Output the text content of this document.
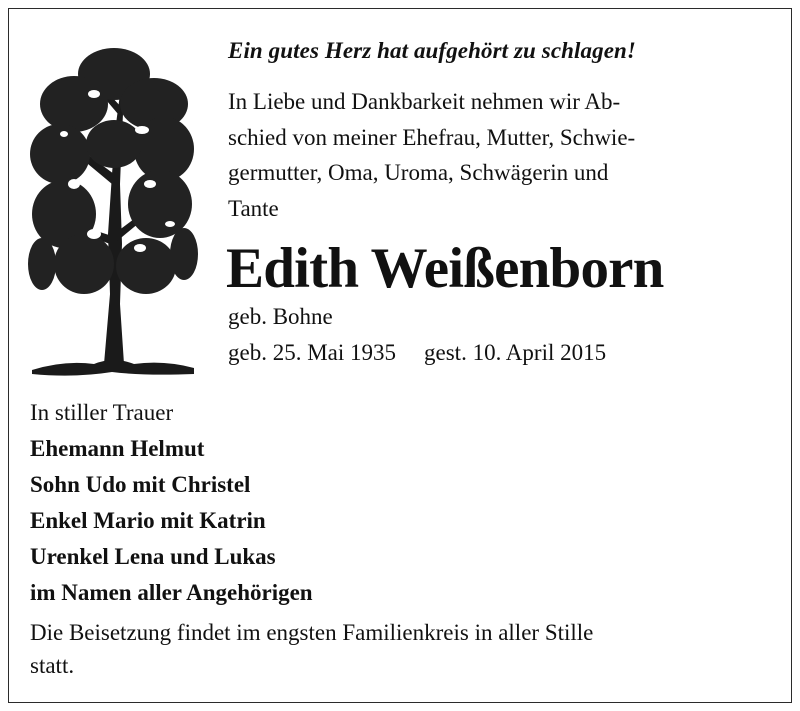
Ein gutes Herz hat aufgehört zu schlagen!
In Liebe und Dankbarkeit nehmen wir Ab-
schied von meiner Ehefrau, Mutter, Schwie-
germutter, Oma, Uroma, Schwägerin und
Tante
Edith Weißenborn
geb. Bohne
geb. 25. Mai 1935 gest. 10. April 2015
In stiller Trauer
Ehemann Helmut
Sohn Udo mit Christel
Enkel Mario mit Katrin
Urenkel Lena und Lukas
im Namen aller Angehörigen
Die Beisetzung findet im engsten Familienkreis in aller Stille
statt.
